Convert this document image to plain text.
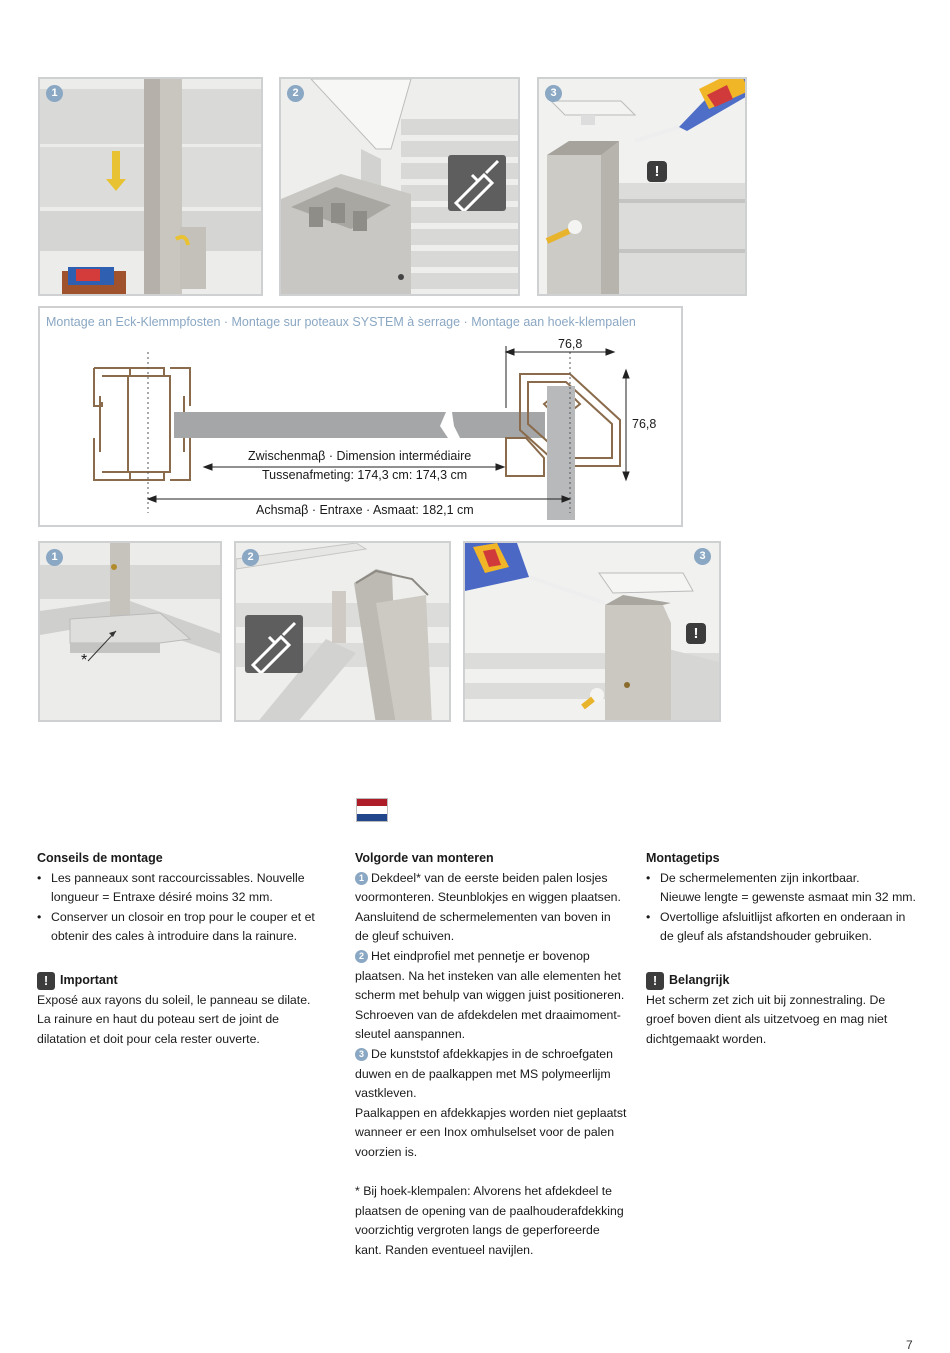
1	2	3
!
Montage an Eck-Klemmpfosten · Montage sur poteaux SYSTEM à serrage · Montage aan hoek-klempalen
76,8
76,8
Zwischenmaβ · Dimension intermédiaire
Tussenafmeting: 174,3 cm: 174,3 cm
Achsmaβ · Entraxe · Asmaat: 182,1 cm
1
*
2	3
!
Conseils de montage
• Les panneaux sont raccourcissables. Nouvelle longueur = Entraxe désiré moins 32 mm.
• Conserver un closoir en trop pour le couper et et obtenir des cales à introduire dans la rainure.
! Important

Exposé aux rayons du soleil, le panneau se dilate. La rainure en haut du poteau sert de joint de dilatation et doit pour cela rester ouverte.

Volgorde van monteren

1 Dekdeel* van de eerste beiden palen losjes voormonteren. Steunblokjes en wiggen plaatsen. Aansluitend de schermelementen van boven in de gleuf schuiven.

2 Het eindprofiel met pennetje er bovenop plaatsen. Na het insteken van alle elementen het scherm met behulp van wiggen juist positioneren. Schroeven van de afdekdelen met draaimoment-sleutel aanspannen.

3 De kunststof afdekkapjes in de schroefgaten duwen en de paalkappen met MS polymeerlijm vastkleven.

Paalkappen en afdekkapjes worden niet geplaatst wanneer er een Inox omhulselset voor de palen voorzien is.

* Bij hoek-klempalen: Alvorens het afdekdeel te plaatsen de opening van de paalhouderafdekking voorzichtig vergroten langs de geperforeerde kant. Randen eventueel navijlen.

Montagetips
• De schermelementen zijn inkortbaar.
Nieuwe lengte = gewenste asmaat min 32 mm.
• Overtollige afsluitlijst afkorten en onderaan in de gleuf als afstandshouder gebruiken.
! Belangrijk

Het scherm zet zich uit bij zonnestraling. De groef boven dient als uitzetvoeg en mag niet dichtgemaakt worden.

7
